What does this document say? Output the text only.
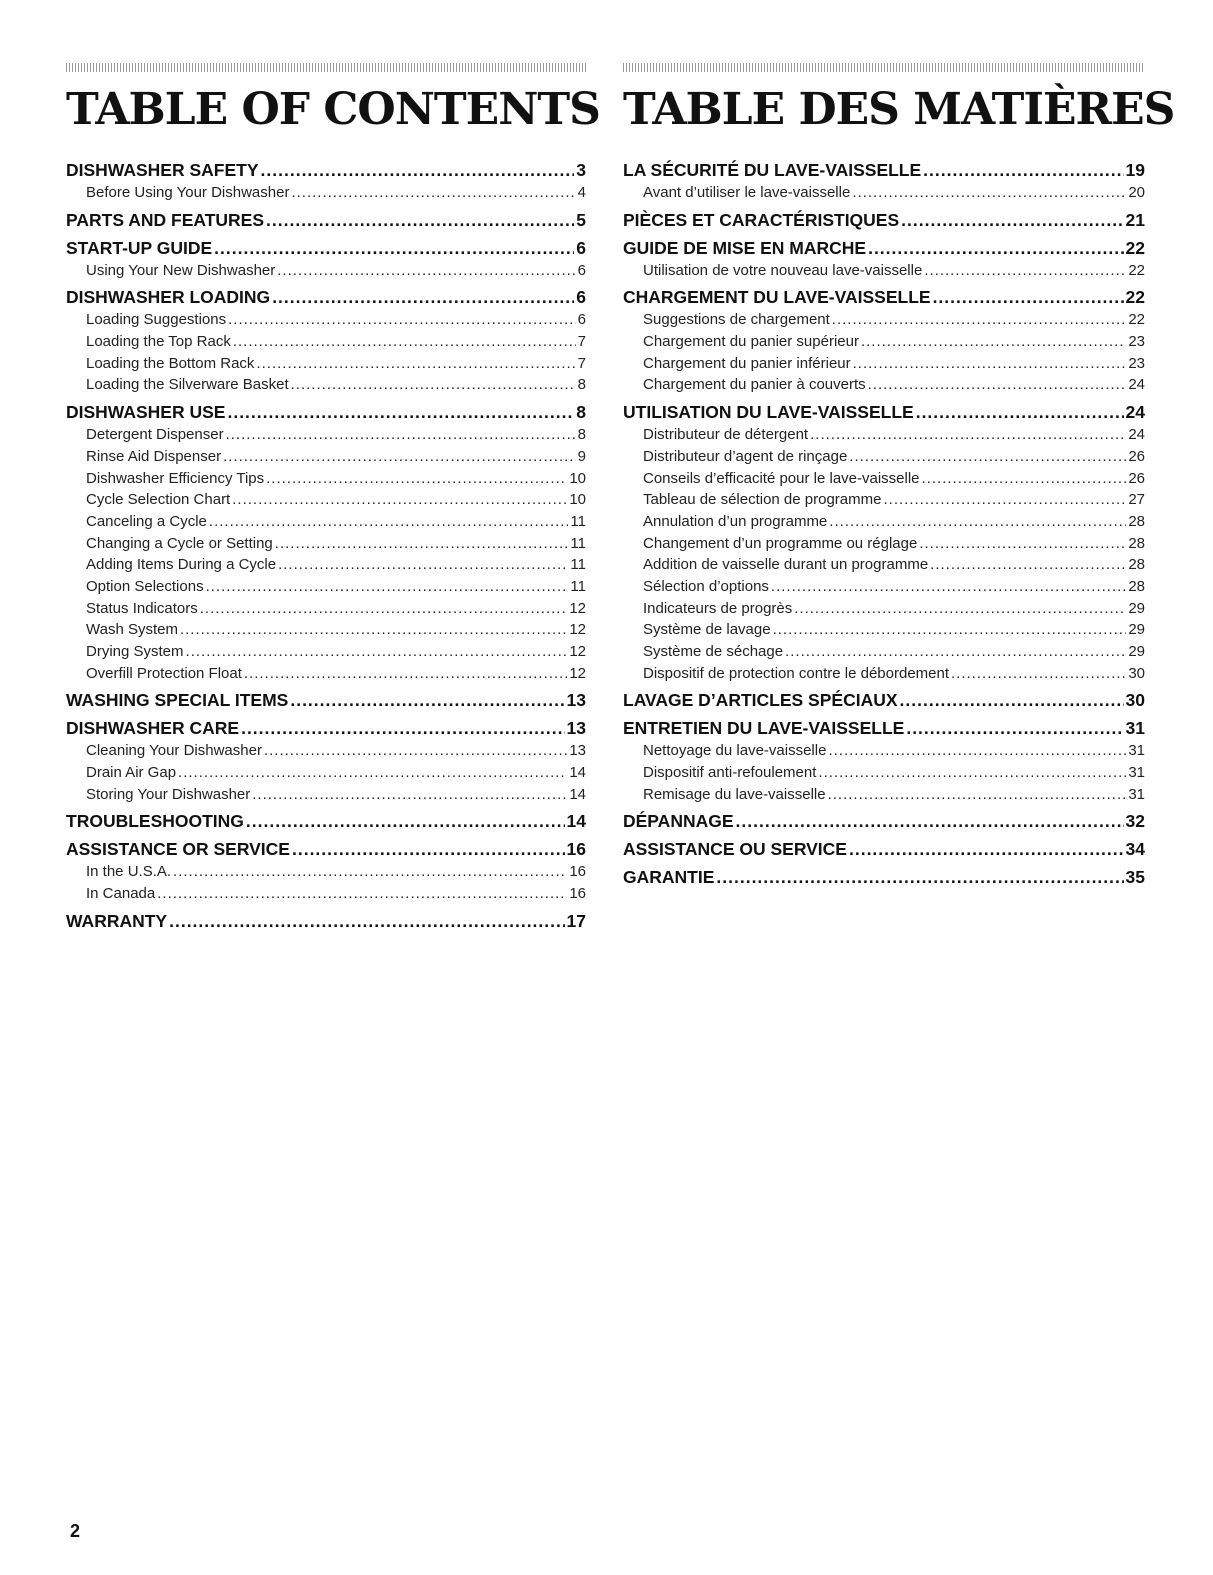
TABLE OF CONTENTS
DISHWASHER SAFETY .....	3
Before Using Your Dishwasher .....	4
PARTS AND FEATURES .....	5
START-UP GUIDE .....	6
Using Your New Dishwasher .....	6
DISHWASHER LOADING .....	6
Loading Suggestions .....	6
Loading the Top Rack .....	7
Loading the Bottom Rack .....	7
Loading the Silverware Basket .....	8
DISHWASHER USE .....	8
Detergent Dispenser .....	8
Rinse Aid Dispenser .....	9
Dishwasher Efficiency Tips .....	10
Cycle Selection Chart .....	10
Canceling a Cycle .....	11
Changing a Cycle or Setting .....	11
Adding Items During a Cycle .....	11
Option Selections .....	11
Status Indicators .....	12
Wash System .....	12
Drying System .....	12
Overfill Protection Float .....	12
WASHING SPECIAL ITEMS .....	13
DISHWASHER CARE .....	13
Cleaning Your Dishwasher .....	13
Drain Air Gap .....	14
Storing Your Dishwasher .....	14
TROUBLESHOOTING .....	14
ASSISTANCE OR SERVICE .....	16
In the U.S.A. .....	16
In Canada .....	16
WARRANTY .....	17
TABLE DES MATIÈRES
LA SÉCURITÉ DU LAVE-VAISSELLE .....	19
Avant d’utiliser le lave-vaisselle .....	20
PIÈCES ET CARACTÉRISTIQUES .....	21
GUIDE DE MISE EN MARCHE .....	22
Utilisation de votre nouveau lave-vaisselle .....	22
CHARGEMENT DU LAVE-VAISSELLE .....	22
Suggestions de chargement .....	22
Chargement du panier supérieur .....	23
Chargement du panier inférieur .....	23
Chargement du panier à couverts .....	24
UTILISATION DU LAVE-VAISSELLE .....	24
Distributeur de détergent .....	24
Distributeur d’agent de rinçage .....	26
Conseils d’efficacité pour le lave-vaisselle .....	26
Tableau de sélection de programme .....	27
Annulation d’un programme .....	28
Changement d’un programme ou réglage .....	28
Addition de vaisselle durant un programme .....	28
Sélection d’options .....	28
Indicateurs de progrès .....	29
Système de lavage .....	29
Système de séchage .....	29
Dispositif de protection contre le débordement .....	30
LAVAGE D’ARTICLES SPÉCIAUX .....	30
ENTRETIEN DU LAVE-VAISSELLE .....	31
Nettoyage du lave-vaisselle .....	31
Dispositif anti-refoulement .....	31
Remisage du lave-vaisselle .....	31
DÉPANNAGE .....	32
ASSISTANCE OU SERVICE .....	34
GARANTIE .....	35
2
